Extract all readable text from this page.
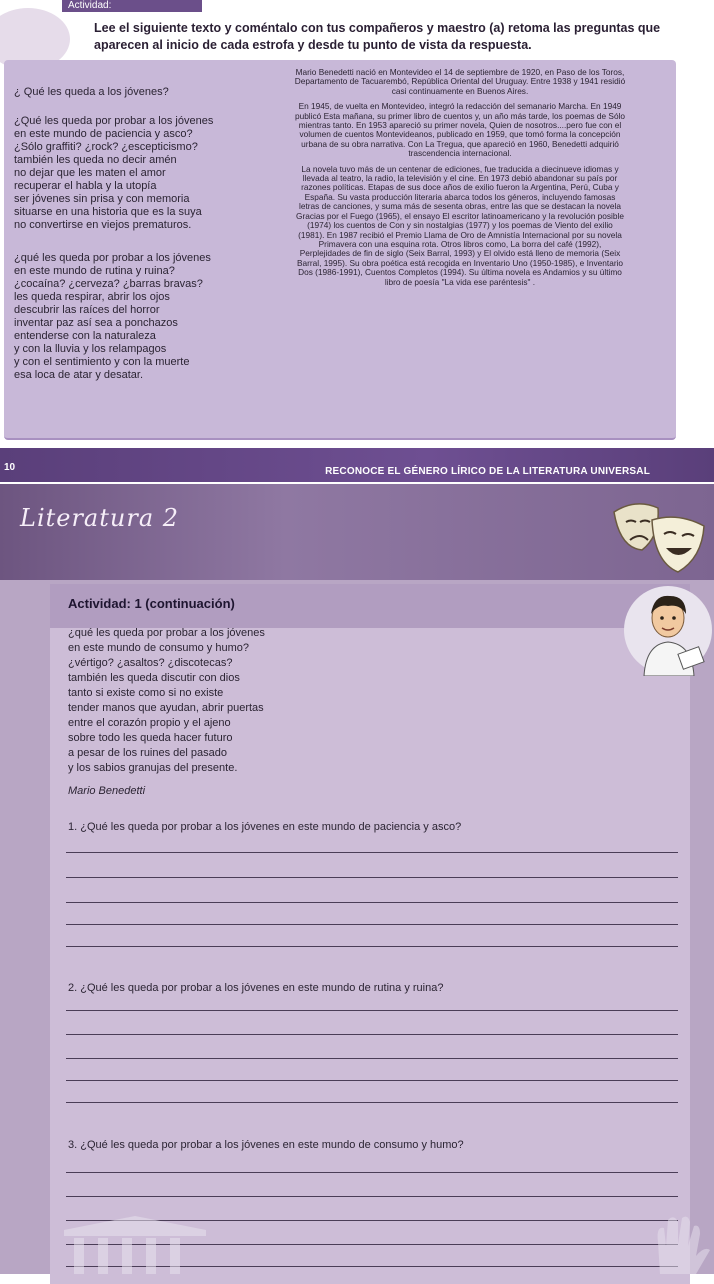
Actividad:
Lee el siguiente texto y coméntalo con tus compañeros y maestro (a) retoma las preguntas que aparecen al inicio de cada estrofa y desde tu punto de vista da respuesta.
¿ Qué les queda a los jóvenes?
¿Qué les queda por probar a los jóvenes
en este mundo de paciencia y asco?
¿Sólo graffiti? ¿rock? ¿escepticismo?
también les queda no decir amén
no dejar que les maten el amor
recuperar el habla y la utopía
ser jóvenes sin prisa y con memoria
situarse en una historia que es la suya
no convertirse en viejos prematuros.
¿qué les queda por probar a los jóvenes
en este mundo de rutina y ruina?
¿cocaína? ¿cerveza? ¿barras bravas?
les queda respirar, abrir los ojos
descubrir las raíces del horror
inventar paz así sea a ponchazos
entenderse con la naturaleza
y con la lluvia y los relampagos
y con el sentimiento y con la muerte
esa loca de atar y desatar.

Mario Benedetti nació en Montevideo el 14 de septiembre de 1920, en Paso de los Toros, Departamento de Tacuarembó, República Oriental del Uruguay. Entre 1938 y 1941 residió casi continuamente en Buenos Aires.

En 1945, de vuelta en Montevideo, integró la redacción del semanario Marcha. En 1949 publicó Esta mañana, su primer libro de cuentos y, un año más tarde, los poemas de Sólo mientras tanto. En 1953 apareció su primer novela, Quien de nosotros....pero fue con el volumen de cuentos Montevideanos, publicado en 1959, que tomó forma la concepción urbana de su obra narrativa. Con La Tregua, que apareció en 1960, Benedetti adquirió trascendencia internacional.

La novela tuvo más de un centenar de ediciones, fue traducida a diecinueve idiomas y llevada al teatro, la radio, la televisión y el cine. En 1973 debió abandonar su país por razones políticas. Etapas de sus doce años de exilio fueron la Argentina, Perú, Cuba y España. Su vasta producción literaria abarca todos los géneros, incluyendo famosas letras de canciones, y suma más de sesenta obras, entre las que se destacan la novela Gracias por el Fuego (1965), el ensayo El escritor latinoamericano y la revolución posible (1974) los cuentos de Con y sin nostalgias (1977) y los poemas de Viento del exilio (1981). En 1987 recibió el Premio Llama de Oro de Amnistía Internacional por su novela Primavera con una esquina rota. Otros libros como, La borra del café (1992), Perplejidades de fin de siglo (Seix Barral, 1993) y El olvido está lleno de memoria (Seix Barral, 1995). Su obra poética está recogida en Inventario Uno (1950-1985), e Inventario Dos (1986-1991), Cuentos Completos (1994). Su última novela es Andamios y su último libro de poesía "La vida ese paréntesis" .

10	RECONOCE EL GÉNERO LÍRICO DE LA LITERATURA UNIVERSAL
Literatura 2
Actividad: 1 (continuación)
¿qué les queda por probar a los jóvenes
en este mundo de consumo y humo?
¿vértigo? ¿asaltos? ¿discotecas?
también les queda discutir con dios
tanto si existe como si no existe
tender manos que ayudan, abrir puertas
entre el corazón propio y el ajeno
sobre todo les queda hacer futuro
a pesar de los ruines del pasado
y los sabios granujas del presente.
Mario Benedetti
1. ¿Qué les queda por probar a los jóvenes en este mundo de paciencia y asco?
2. ¿Qué les queda por probar a los jóvenes en este mundo de rutina y ruina?
3. ¿Qué les queda por probar a los jóvenes en este mundo de consumo y humo?
